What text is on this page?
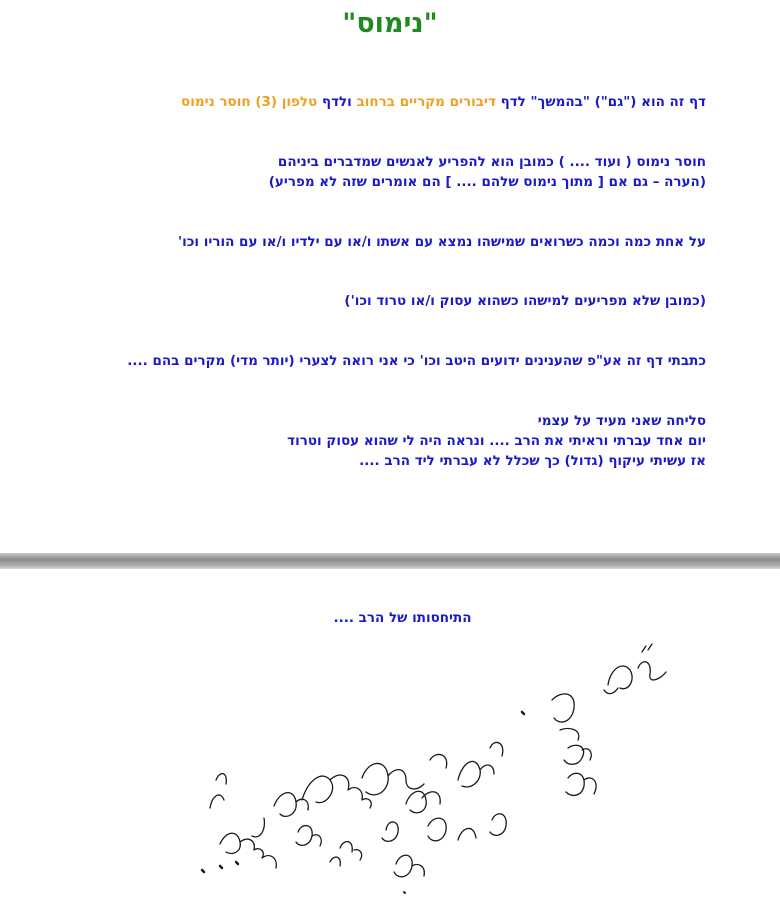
"נימוס"
דף זה הוא ("גם") "בהמשך" לדף דיבורים מקריים ברחוב ולדף טלפון (3) חוסר נימוס
חוסר נימוס ( ועוד .... ) כמובן הוא להפריע לאנשים שמדברים ביניהם
(הערה – גם אם [ מתוך נימוס שלהם .... ] הם אומרים שזה לא מפריע)
על אחת כמה וכמה כשרואים שמישהו נמצא עם אשתו ו/או עם ילדיו ו/או עם הוריו וכו'
(כמובן שלא מפריעים למישהו כשהוא עסוק ו/או טרוד וכו')
כתבתי דף זה אע"פ שהענינים ידועים היטב וכו' כי אני רואה לצערי (יותר מדי) מקרים בהם ....
סליחה שאני מעיד על עצמי
יום אחד עברתי וראיתי את הרב .... ונראה היה לי שהוא עסוק וטרוד
אז עשיתי עיקוף (גדול) כך שכלל לא עברתי ליד הרב ....
התיחסותו של הרב ....
